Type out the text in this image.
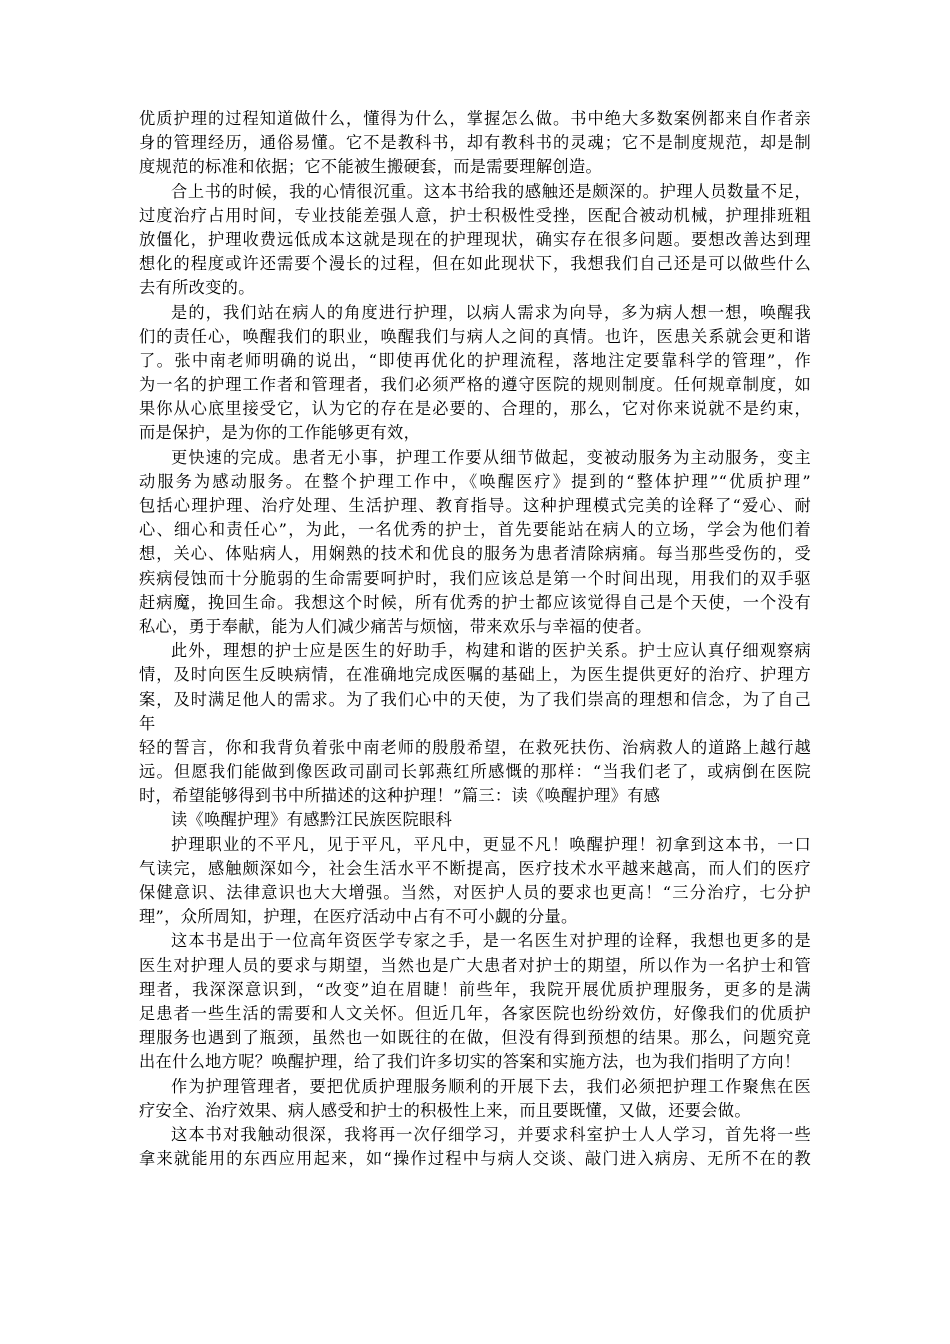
优质护理的过程知道做什么，懂得为什么，掌握怎么做。书中绝大多数案例都来自作者亲
身的管理经历，通俗易懂。它不是教科书，却有教科书的灵魂；它不是制度规范，却是制
度规范的标准和依据；它不能被生搬硬套，而是需要理解创造。
合上书的时候，我的心情很沉重。这本书给我的感触还是颇深的。护理人员数量不足，
过度治疗占用时间，专业技能差强人意，护士积极性受挫，医配合被动机械，护理排班粗
放僵化，护理收费远低成本这就是现在的护理现状，确实存在很多问题。要想改善达到理
想化的程度或许还需要个漫长的过程，但在如此现状下，我想我们自己还是可以做些什么
去有所改变的。
是的，我们站在病人的角度进行护理，以病人需求为向导，多为病人想一想，唤醒我
们的责任心，唤醒我们的职业，唤醒我们与病人之间的真情。也许，医患关系就会更和谐
了。张中南老师明确的说出，“即使再优化的护理流程，落地注定要靠科学的管理”，作
为一名的护理工作者和管理者，我们必须严格的遵守医院的规则制度。任何规章制度，如
果你从心底里接受它，认为它的存在是必要的、合理的，那么，它对你来说就不是约束，
而是保护，是为你的工作能够更有效，
更快速的完成。患者无小事，护理工作要从细节做起，变被动服务为主动服务，变主
动服务为感动服务。在整个护理工作中，《唤醒医疗》提到的“整体护理”“优质护理”
包括心理护理、治疗处理、生活护理、教育指导。这种护理模式完美的诠释了“爱心、耐
心、细心和责任心”，为此，一名优秀的护士，首先要能站在病人的立场，学会为他们着
想，关心、体贴病人，用娴熟的技术和优良的服务为患者清除病痛。每当那些受伤的，受
疾病侵蚀而十分脆弱的生命需要呵护时，我们应该总是第一个时间出现，用我们的双手驱
赶病魔，挽回生命。我想这个时候，所有优秀的护士都应该觉得自己是个天使，一个没有
私心，勇于奉献，能为人们减少痛苦与烦恼，带来欢乐与幸福的使者。
此外，理想的护士应是医生的好助手，构建和谐的医护关系。护士应认真仔细观察病
情，及时向医生反映病情，在准确地完成医嘱的基础上，为医生提供更好的治疗、护理方
案，及时满足他人的需求。为了我们心中的天使，为了我们崇高的理想和信念，为了自己
年
轻的誓言，你和我背负着张中南老师的殷殷希望，在救死扶伤、治病救人的道路上越行越
远。但愿我们能做到像医政司副司长郭燕红所感慨的那样：“当我们老了，或病倒在医院
时，希望能够得到书中所描述的这种护理！”篇三：读《唤醒护理》有感
读《唤醒护理》有感黔江民族医院眼科
护理职业的不平凡，见于平凡，平凡中，更显不凡！唤醒护理！初拿到这本书，一口
气读完，感触颇深如今，社会生活水平不断提高，医疗技术水平越来越高，而人们的医疗
保健意识、法律意识也大大增强。当然，对医护人员的要求也更高！“三分治疗，七分护
理”，众所周知，护理，在医疗活动中占有不可小觑的分量。
这本书是出于一位高年资医学专家之手，是一名医生对护理的诠释，我想也更多的是
医生对护理人员的要求与期望，当然也是广大患者对护士的期望，所以作为一名护士和管
理者，我深深意识到，“改变”迫在眉睫！前些年，我院开展优质护理服务，更多的是满
足患者一些生活的需要和人文关怀。但近几年，各家医院也纷纷效仿，好像我们的优质护
理服务也遇到了瓶颈，虽然也一如既往的在做，但没有得到预想的结果。那么，问题究竟
出在什么地方呢？唤醒护理，给了我们许多切实的答案和实施方法，也为我们指明了方向！
作为护理管理者，要把优质护理服务顺利的开展下去，我们必须把护理工作聚焦在医
疗安全、治疗效果、病人感受和护士的积极性上来，而且要既懂，又做，还要会做。
这本书对我触动很深，我将再一次仔细学习，并要求科室护士人人学习，首先将一些
拿来就能用的东西应用起来，如“操作过程中与病人交谈、敲门进入病房、无所不在的教
